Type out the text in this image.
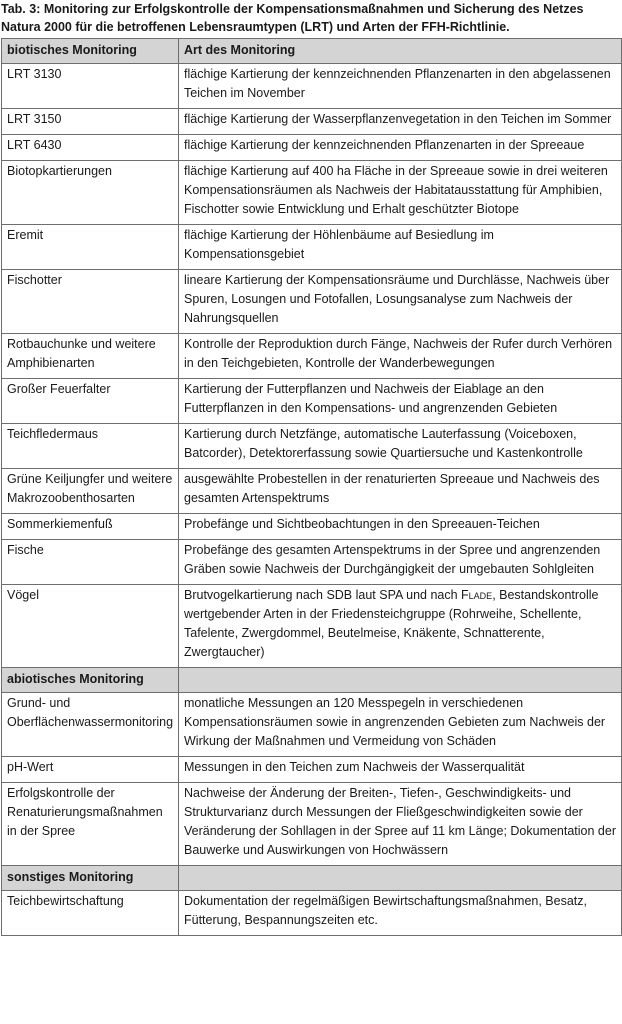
Tab. 3: Monitoring zur Erfolgskontrolle der Kompensationsmaßnahmen und Sicherung des Netzes Natura 2000 für die betroffenen Lebensraumtypen (LRT) und Arten der FFH-Richtlinie.

biotisches Monitoring	Art des Monitoring
LRT 3130	flächige Kartierung der kennzeichnenden Pflanzenarten in den abgelassenen Teichen im November
LRT 3150	flächige Kartierung der Wasserpflanzenvegetation in den Teichen im Sommer
LRT 6430	flächige Kartierung der kennzeichnenden Pflanzenarten in der Spreeaue
Biotopkartierungen	flächige Kartierung auf 400 ha Fläche in der Spreeaue sowie in drei weiteren Kompensationsräumen als Nachweis der Habitatausstattung für Amphibien, Fischotter sowie Entwicklung und Erhalt geschützter Biotope
Eremit	flächige Kartierung der Höhlenbäume auf Besiedlung im Kompensationsgebiet
Fischotter	lineare Kartierung der Kompensationsräume und Durchlässe, Nachweis über Spuren, Losungen und Fotofallen, Losungsanalyse zum Nachweis der Nahrungsquellen
Rotbauchunke und weitere Amphibienarten	Kontrolle der Reproduktion durch Fänge, Nachweis der Rufer durch Verhören in den Teichgebieten, Kontrolle der Wanderbewegungen
Großer Feuerfalter	Kartierung der Futterpflanzen und Nachweis der Eiablage an den Futterpflanzen in den Kompensations- und angrenzenden Gebieten
Teichfledermaus	Kartierung durch Netzfänge, automatische Lauterfassung (Voiceboxen, Batcorder), Detektorerfassung sowie Quartiersuche und Kastenkontrolle
Grüne Keiljungfer und weitere Makrozoobenthosarten	ausgewählte Probestellen in der renaturierten Spreeaue und Nachweis des gesamten Artenspektrums
Sommerkiemenfuß	Probefänge und Sichtbeobachtungen in den Spreeauen-Teichen
Fische	Probefänge des gesamten Artenspektrums in der Spree und angrenzenden Gräben sowie Nachweis der Durchgängigkeit der umgebauten Sohlgleiten
Vögel	Brutvogelkartierung nach SDB laut SPA und nach Flade, Bestandskontrolle wertgebender Arten in der Friedensteichgruppe (Rohrweihe, Schellente, Tafelente, Zwergdommel, Beutelmeise, Knäkente, Schnatterente, Zwergtaucher)
abiotisches Monitoring	
Grund- und Oberflächenwassermonitoring	monatliche Messungen an 120 Messpegeln in verschiedenen Kompensationsräumen sowie in angrenzenden Gebieten zum Nachweis der Wirkung der Maßnahmen und Vermeidung von Schäden
pH-Wert	Messungen in den Teichen zum Nachweis der Wasserqualität
Erfolgskontrolle der Renaturierungsmaßnahmen in der Spree	Nachweise der Änderung der Breiten-, Tiefen-, Geschwindigkeits- und Strukturvarianz durch Messungen der Fließgeschwindigkeiten sowie der Veränderung der Sohllagen in der Spree auf 11 km Länge; Dokumentation der Bauwerke und Auswirkungen von Hochwässern
sonstiges Monitoring	
Teichbewirtschaftung	Dokumentation der regelmäßigen Bewirtschaftungsmaßnahmen, Besatz, Fütterung, Bespannungszeiten etc.
